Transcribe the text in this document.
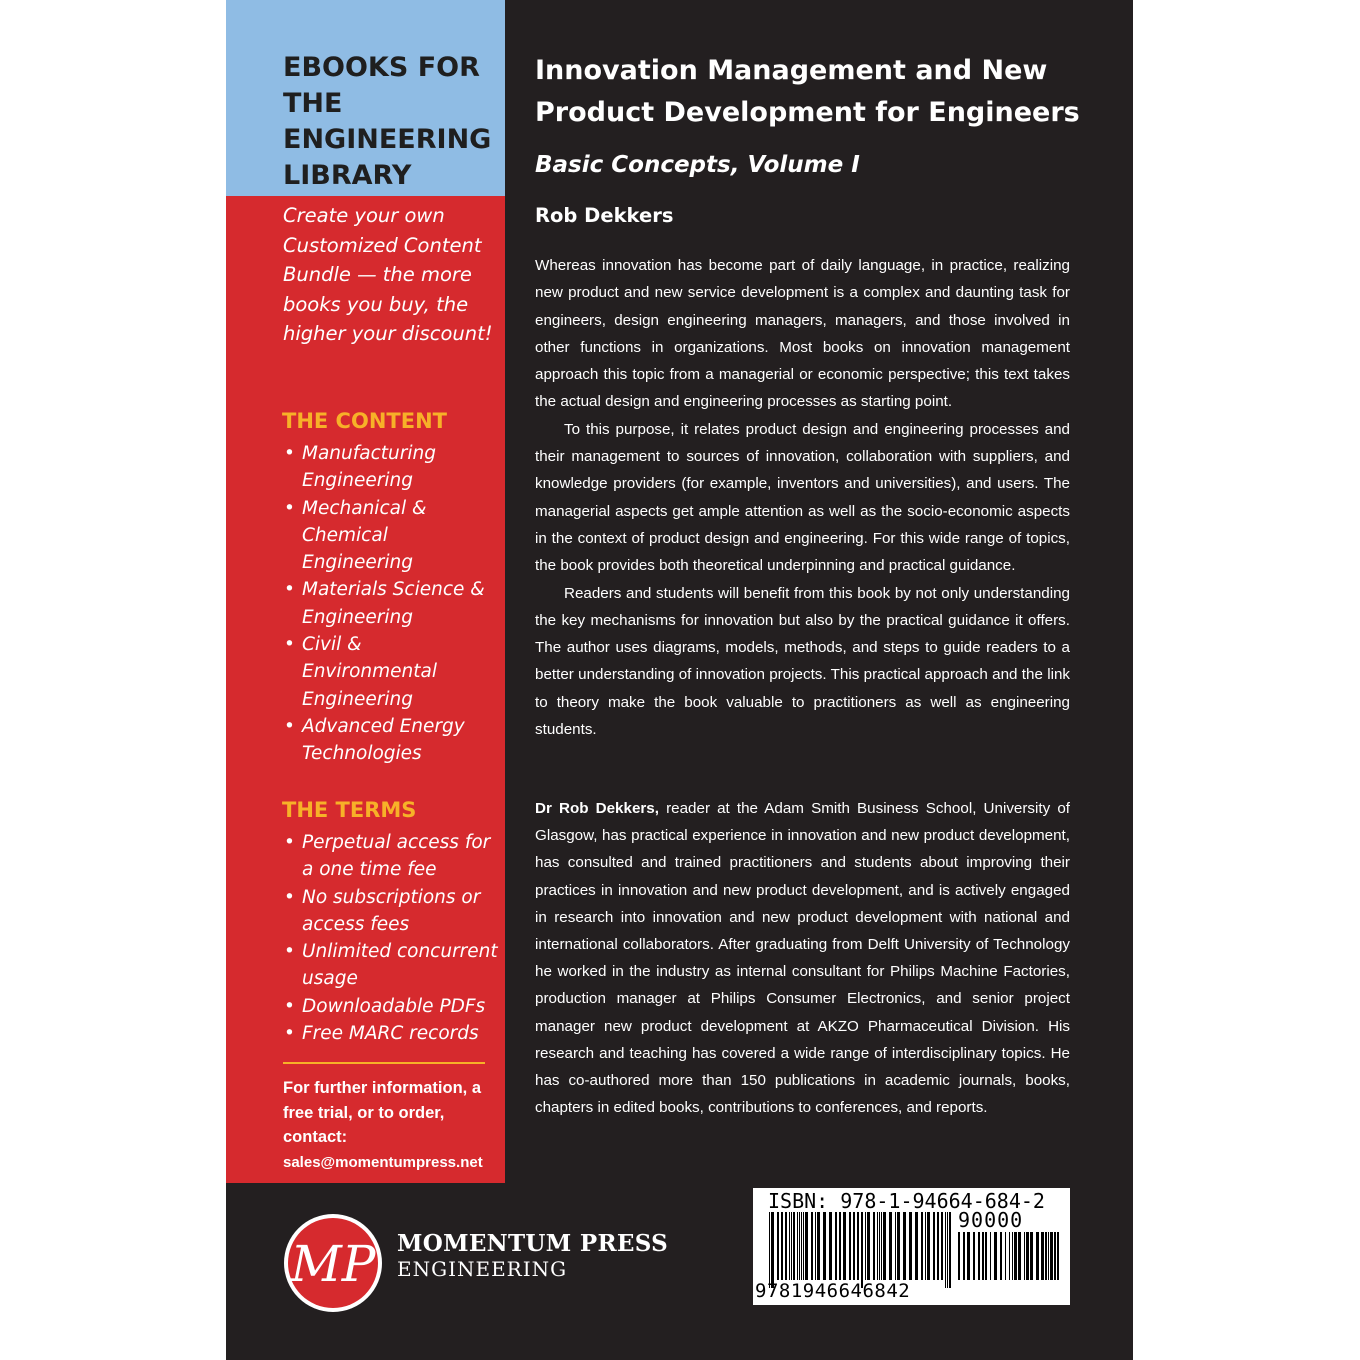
EBOOKS FOR THE ENGINEERING LIBRARY

Create your own Customized Content Bundle — the more books you buy, the higher your discount!

THE CONTENT
• Manufacturing Engineering
• Mechanical & Chemical Engineering
• Materials Science & Engineering
• Civil & Environmental Engineering
• Advanced Energy Technologies
THE TERMS
• Perpetual access for a one time fee
• No subscriptions or access fees
• Unlimited concurrent usage
• Downloadable PDFs
• Free MARC records

For further information, a free trial, or to order, contact:
sales@momentumpress.net

Innovation Management and New Product Development for Engineers
Basic Concepts, Volume I
Rob Dekkers

Whereas innovation has become part of daily language, in practice, realizing new product and new service development is a complex and daunting task for engineers, design engineering managers, managers, and those involved in other functions in organizations. Most books on innovation management approach this topic from a managerial or economic perspective; this text takes the actual design and engineering processes as starting point.

To this purpose, it relates product design and engineering processes and their management to sources of innovation, collaboration with suppliers, and knowledge providers (for example, inventors and universities), and users. The managerial aspects get ample attention as well as the socio-economic aspects in the context of product design and engineering. For this wide range of topics, the book provides both theoretical underpinning and practical guidance.

Readers and students will benefit from this book by not only understanding the key mechanisms for innovation but also by the practical guidance it offers. The author uses diagrams, models, methods, and steps to guide readers to a better understanding of innovation projects. This practical approach and the link to theory make the book valuable to practitioners as well as engineering students.

Dr Rob Dekkers, reader at the Adam Smith Business School, University of Glasgow, has practical experience in innovation and new product development, has consulted and trained practitioners and students about improving their practices in innovation and new product development, and is actively engaged in research into innovation and new product development with national and international collaborators. After graduating from Delft University of Technology he worked in the industry as internal consultant for Philips Machine Factories, production manager at Philips Consumer Electronics, and senior project manager new product development at AKZO Pharmaceutical Division. His research and teaching has covered a wide range of interdisciplinary topics. He has co-authored more than 150 publications in academic journals, books, chapters in edited books, contributions to conferences, and reports.

MP MOMENTUM PRESS

ENGINEERING

ISBN: 978-1-94664-684-2

90000

9781946646842
